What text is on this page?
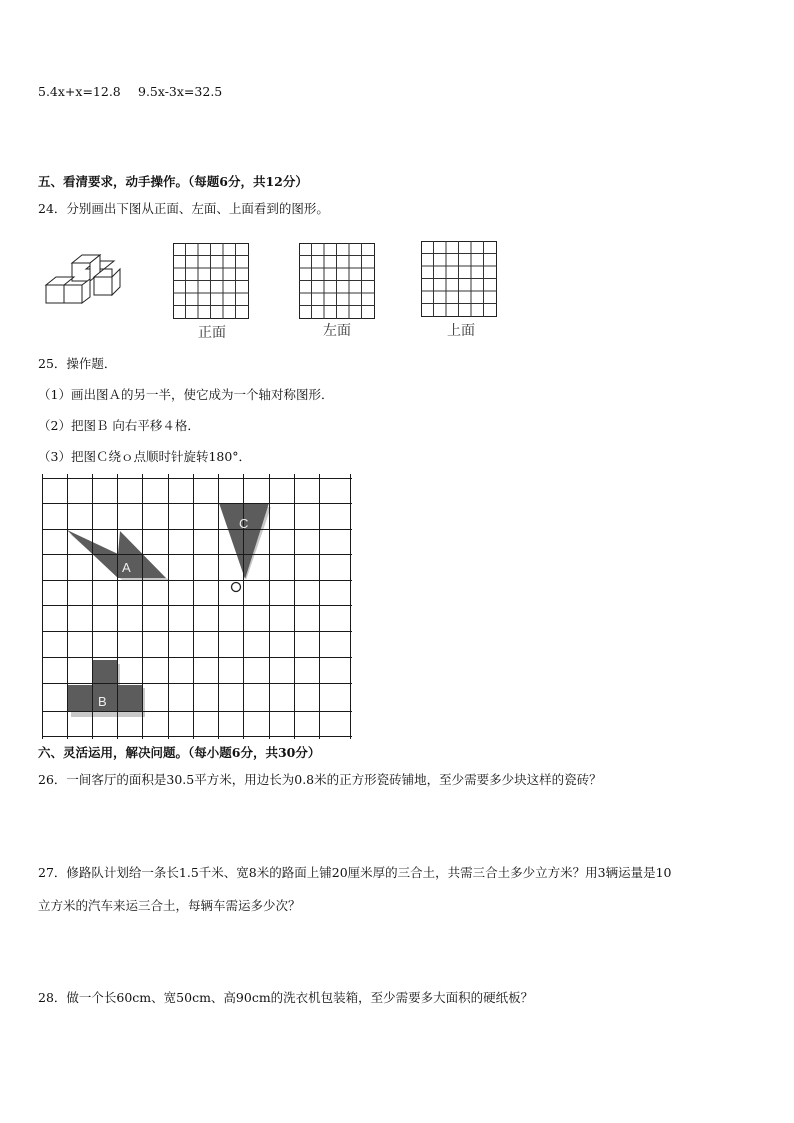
5.4x+x=12.8 9.5x-3x=32.5
五、看清要求，动手操作。（每题6分，共12分）
24．分别画出下图从正面、左面、上面看到的图形。
正面	左面	上面
25．操作题．
（1）画出图Ａ的另一半，使它成为一个轴对称图形．
（2）把图Ｂ 向右平移４格．
（3）把图Ｃ绕ｏ点顺时针旋转180°．
A
C
B
六、灵活运用，解决问题。（每小题6分，共30分）
26．一间客厅的面积是30.5平方米，用边长为0.8米的正方形瓷砖铺地，至少需要多少块这样的瓷砖？
27．修路队计划给一条长1.5千米、宽8米的路面上铺20厘米厚的三合土，共需三合土多少立方米？用3辆运量是10
立方米的汽车来运三合土，每辆车需运多少次？
28．做一个长60cm、宽50cm、高90cm的洗衣机包装箱，至少需要多大面积的硬纸板？
